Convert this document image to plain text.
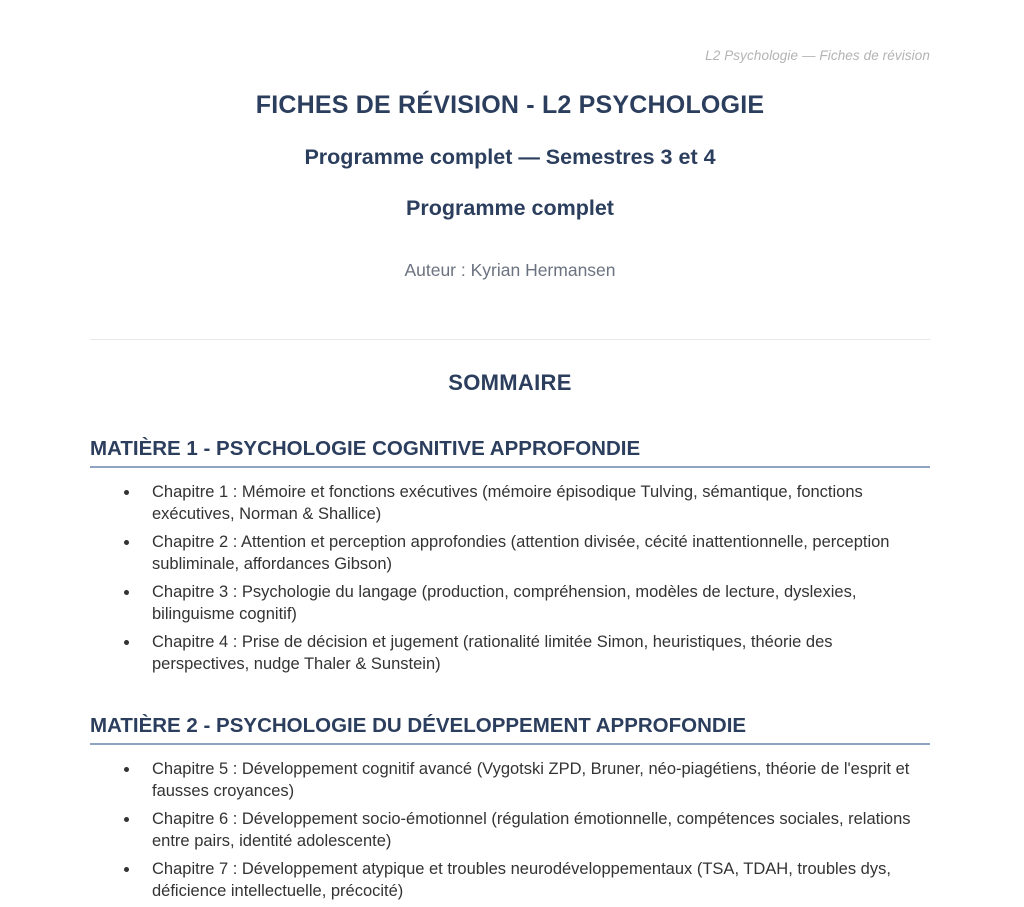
L2 Psychologie — Fiches de révision
FICHES DE RÉVISION - L2 PSYCHOLOGIE
Programme complet — Semestres 3 et 4
Programme complet
Auteur : Kyrian Hermansen
SOMMAIRE
MATIÈRE 1 - PSYCHOLOGIE COGNITIVE APPROFONDIE
Chapitre 1 : Mémoire et fonctions exécutives (mémoire épisodique Tulving, sémantique, fonctions exécutives, Norman & Shallice)
Chapitre 2 : Attention et perception approfondies (attention divisée, cécité inattentionnelle, perception subliminale, affordances Gibson)
Chapitre 3 : Psychologie du langage (production, compréhension, modèles de lecture, dyslexies, bilinguisme cognitif)
Chapitre 4 : Prise de décision et jugement (rationalité limitée Simon, heuristiques, théorie des perspectives, nudge Thaler & Sunstein)
MATIÈRE 2 - PSYCHOLOGIE DU DÉVELOPPEMENT APPROFONDIE
Chapitre 5 : Développement cognitif avancé (Vygotski ZPD, Bruner, néo-piagétiens, théorie de l'esprit et fausses croyances)
Chapitre 6 : Développement socio-émotionnel (régulation émotionnelle, compétences sociales, relations entre pairs, identité adolescente)
Chapitre 7 : Développement atypique et troubles neurodéveloppementaux (TSA, TDAH, troubles dys, déficience intellectuelle, précocité)
